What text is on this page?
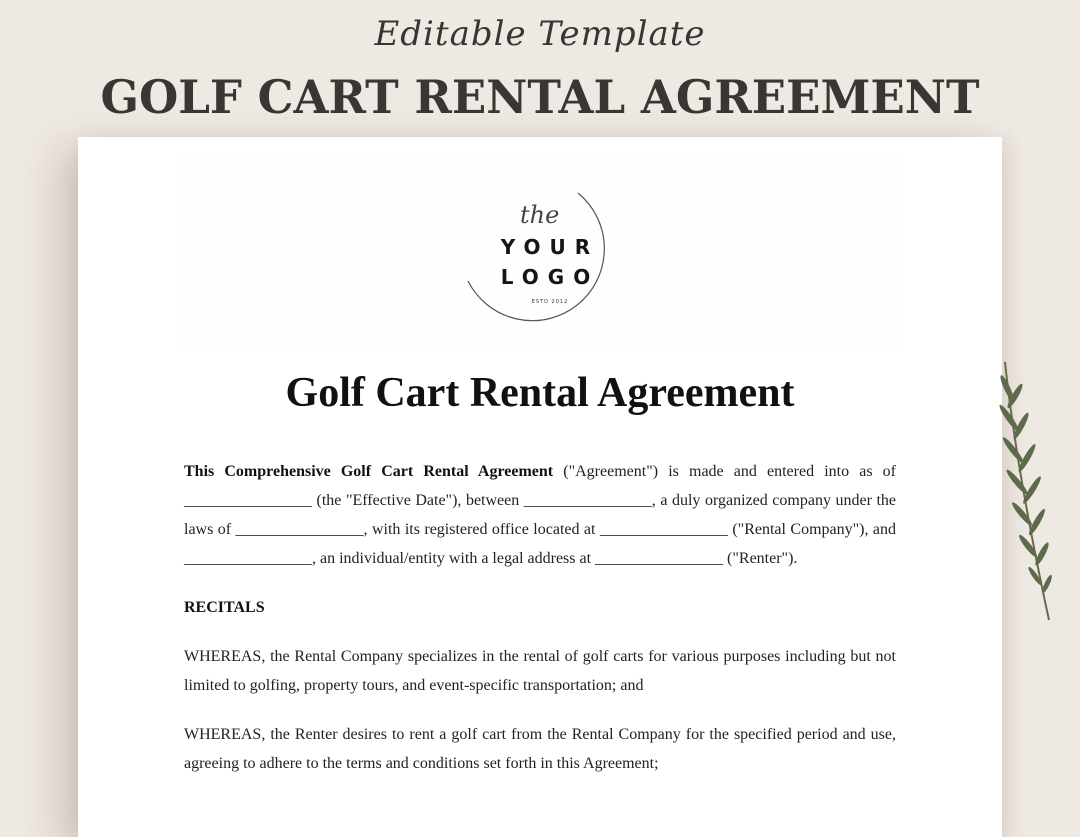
Editable Template
GOLF CART RENTAL AGREEMENT
the
YOUR
LOGO
ESTD 2012
Golf Cart Rental Agreement

This Comprehensive Golf Cart Rental Agreement ("Agreement") is made and entered into as of ________________ (the "Effective Date"), between ________________, a duly organized company under the laws of ________________, with its registered office located at ________________ ("Rental Company"), and ________________, an individual/entity with a legal address at ________________ ("Renter").

RECITALS

WHEREAS, the Rental Company specializes in the rental of golf carts for various purposes including but not limited to golfing, property tours, and event-specific transportation; and

WHEREAS, the Renter desires to rent a golf cart from the Rental Company for the specified period and use, agreeing to adhere to the terms and conditions set forth in this Agreement;
